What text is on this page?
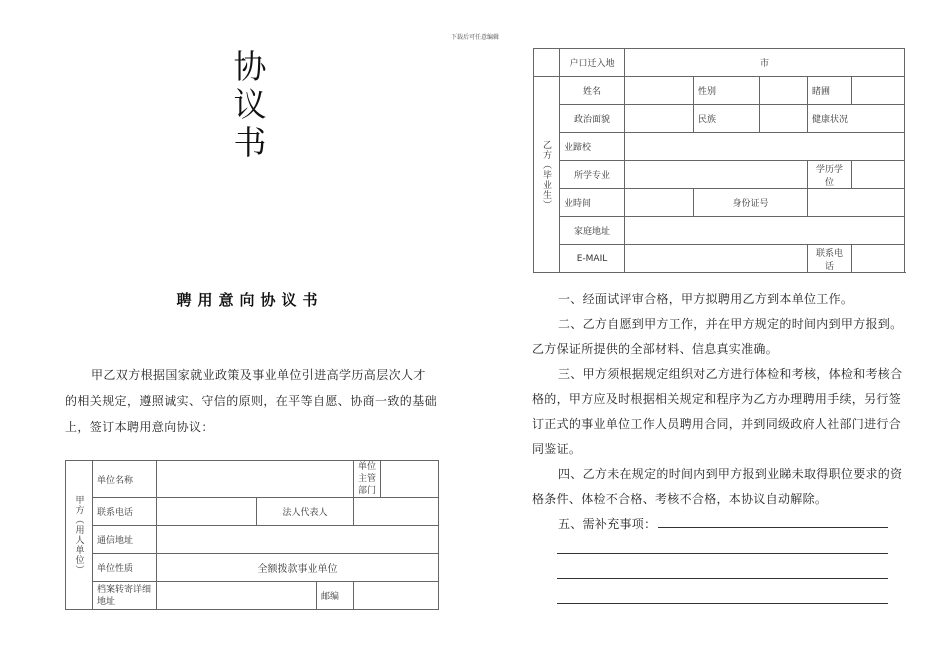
下载后可任意编辑
协
议
书
聘用意向协议书
甲乙双方根据国家就业政策及事业单位引进高学历高层次人才的相关规定，遵照诚实、守信的原则，在平等自愿、协商一致的基础上，签订本聘用意向协议：
甲方（用人单位）	单位名称				单位主管部门	
	联系电话		法人代表人			
	通信地址					
	单位性质	全额拨款事业单位				
	档案转寄详细地址			邮编		
	户口迁入地	市				

乙方（毕业生）	姓名		性别		睹圃	
	政治面貌		民族		健康状况	
	业蹄校					
	所学专业				学历学位	
	业時间		身份证号			
	家庭地址					
	E-MAIL				联系电话	
一、经面试评审合格，甲方拟聘用乙方到本单位工作。
二、乙方自愿到甲方工作，并在甲方规定的时间内到甲方报到。乙方保证所提供的全部材料、信息真实准确。
三、甲方须根据规定组织对乙方进行体检和考核，体检和考核合格的，甲方应及时根据相关规定和程序为乙方办理聘用手续，另行签订正式的事业单位工作人员聘用合同，并到同级政府人社部门进行合同鉴证。
四、乙方未在规定的时间内到甲方报到业睇未取得职位要求的资格条件、体检不合格、考核不合格，本协议自动解除。
五、需补充事项：
